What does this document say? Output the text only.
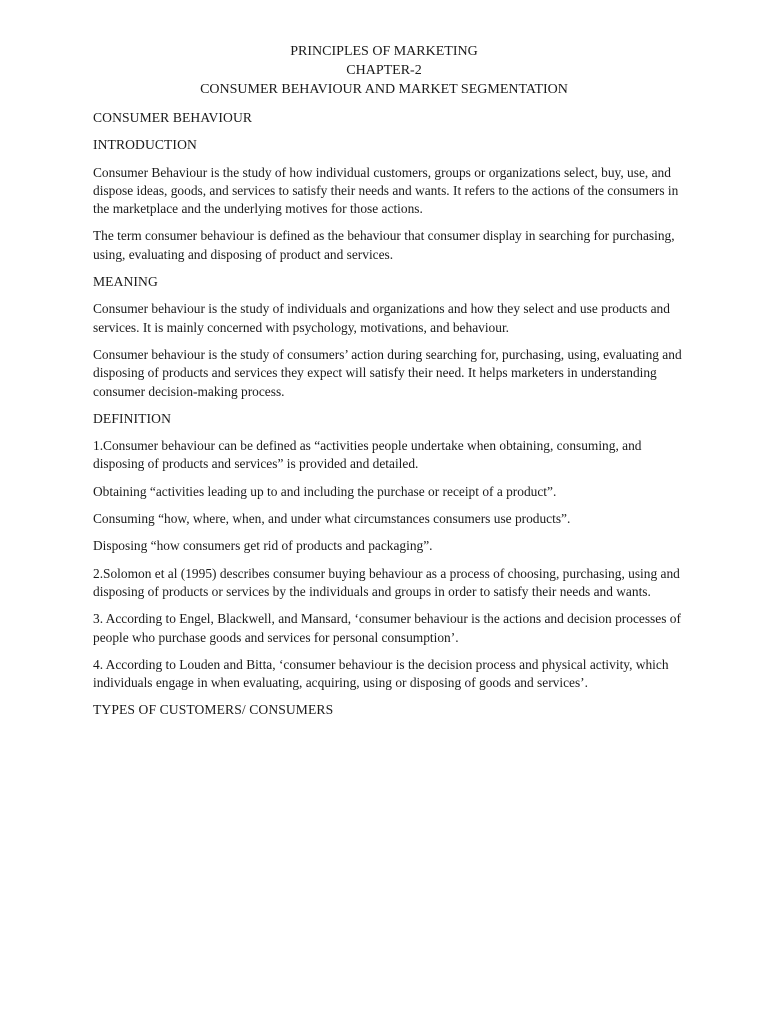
PRINCIPLES OF MARKETING
CHAPTER-2
CONSUMER BEHAVIOUR AND MARKET SEGMENTATION
CONSUMER BEHAVIOUR
INTRODUCTION

Consumer Behaviour is the study of how individual customers, groups or organizations select, buy, use, and dispose ideas, goods, and services to satisfy their needs and wants. It refers to the actions of the consumers in the marketplace and the underlying motives for those actions.

The term consumer behaviour is defined as the behaviour that consumer display in searching for purchasing, using, evaluating and disposing of product and services.

MEANING

Consumer behaviour is the study of individuals and organizations and how they select and use products and services. It is mainly concerned with psychology, motivations, and behaviour.

Consumer behaviour is the study of consumers’ action during searching for, purchasing, using, evaluating and disposing of products and services they expect will satisfy their need. It helps marketers in understanding consumer decision-making process.

DEFINITION

1.Consumer behaviour can be defined as “activities people undertake when obtaining, consuming, and disposing of products and services” is provided and detailed.

Obtaining “activities leading up to and including the purchase or receipt of a product”.

Consuming “how, where, when, and under what circumstances consumers use products”.

Disposing “how consumers get rid of products and packaging”.

2.Solomon et al (1995) describes consumer buying behaviour as a process of choosing, purchasing, using and disposing of products or services by the individuals and groups in order to satisfy their needs and wants.

3. According to Engel, Blackwell, and Mansard, ‘consumer behaviour is the actions and decision processes of people who purchase goods and services for personal consumption’.

4. According to Louden and Bitta, ‘consumer behaviour is the decision process and physical activity, which individuals engage in when evaluating, acquiring, using or disposing of goods and services’.

TYPES OF CUSTOMERS/ CONSUMERS
